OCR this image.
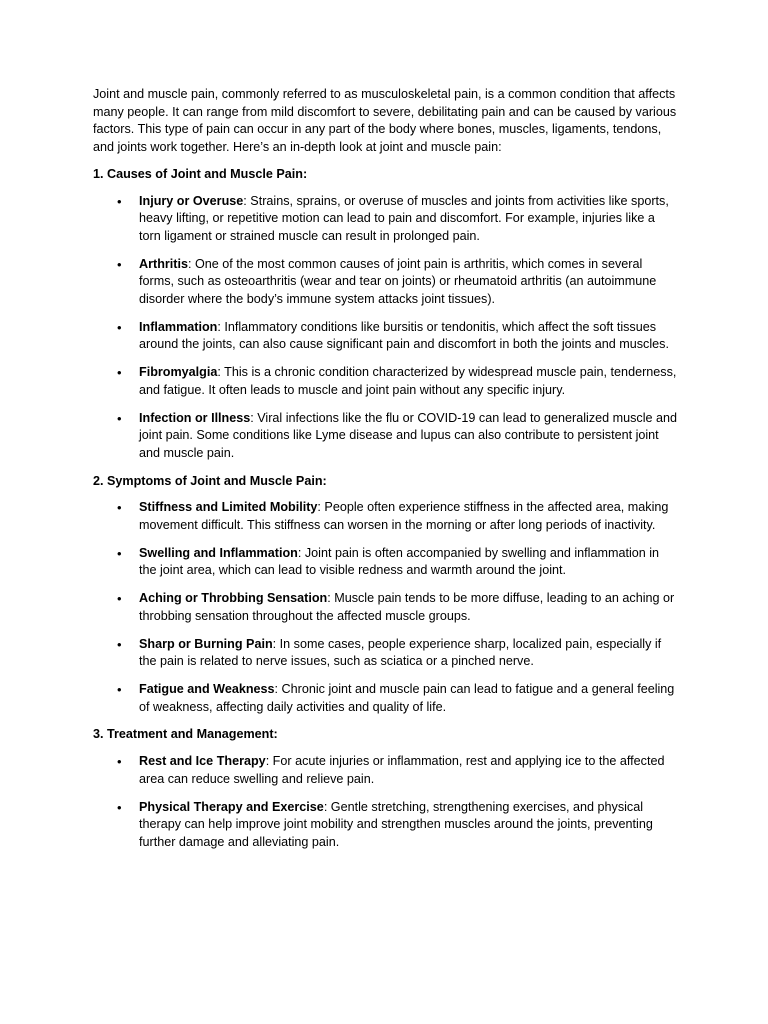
Joint and muscle pain, commonly referred to as musculoskeletal pain, is a common condition that affects many people. It can range from mild discomfort to severe, debilitating pain and can be caused by various factors. This type of pain can occur in any part of the body where bones, muscles, ligaments, tendons, and joints work together. Here’s an in-depth look at joint and muscle pain:

1. Causes of Joint and Muscle Pain:

• Injury or Overuse: Strains, sprains, or overuse of muscles and joints from activities like sports, heavy lifting, or repetitive motion can lead to pain and discomfort. For example, injuries like a torn ligament or strained muscle can result in prolonged pain.
• Arthritis: One of the most common causes of joint pain is arthritis, which comes in several forms, such as osteoarthritis (wear and tear on joints) or rheumatoid arthritis (an autoimmune disorder where the body’s immune system attacks joint tissues).
• Inflammation: Inflammatory conditions like bursitis or tendonitis, which affect the soft tissues around the joints, can also cause significant pain and discomfort in both the joints and muscles.
• Fibromyalgia: This is a chronic condition characterized by widespread muscle pain, tenderness, and fatigue. It often leads to muscle and joint pain without any specific injury.
• Infection or Illness: Viral infections like the flu or COVID-19 can lead to generalized muscle and joint pain. Some conditions like Lyme disease and lupus can also contribute to persistent joint and muscle pain.

2. Symptoms of Joint and Muscle Pain:

• Stiffness and Limited Mobility: People often experience stiffness in the affected area, making movement difficult. This stiffness can worsen in the morning or after long periods of inactivity.
• Swelling and Inflammation: Joint pain is often accompanied by swelling and inflammation in the joint area, which can lead to visible redness and warmth around the joint.
• Aching or Throbbing Sensation: Muscle pain tends to be more diffuse, leading to an aching or throbbing sensation throughout the affected muscle groups.
• Sharp or Burning Pain: In some cases, people experience sharp, localized pain, especially if the pain is related to nerve issues, such as sciatica or a pinched nerve.
• Fatigue and Weakness: Chronic joint and muscle pain can lead to fatigue and a general feeling of weakness, affecting daily activities and quality of life.

3. Treatment and Management:

• Rest and Ice Therapy: For acute injuries or inflammation, rest and applying ice to the affected area can reduce swelling and relieve pain.
• Physical Therapy and Exercise: Gentle stretching, strengthening exercises, and physical therapy can help improve joint mobility and strengthen muscles around the joints, preventing further damage and alleviating pain.
